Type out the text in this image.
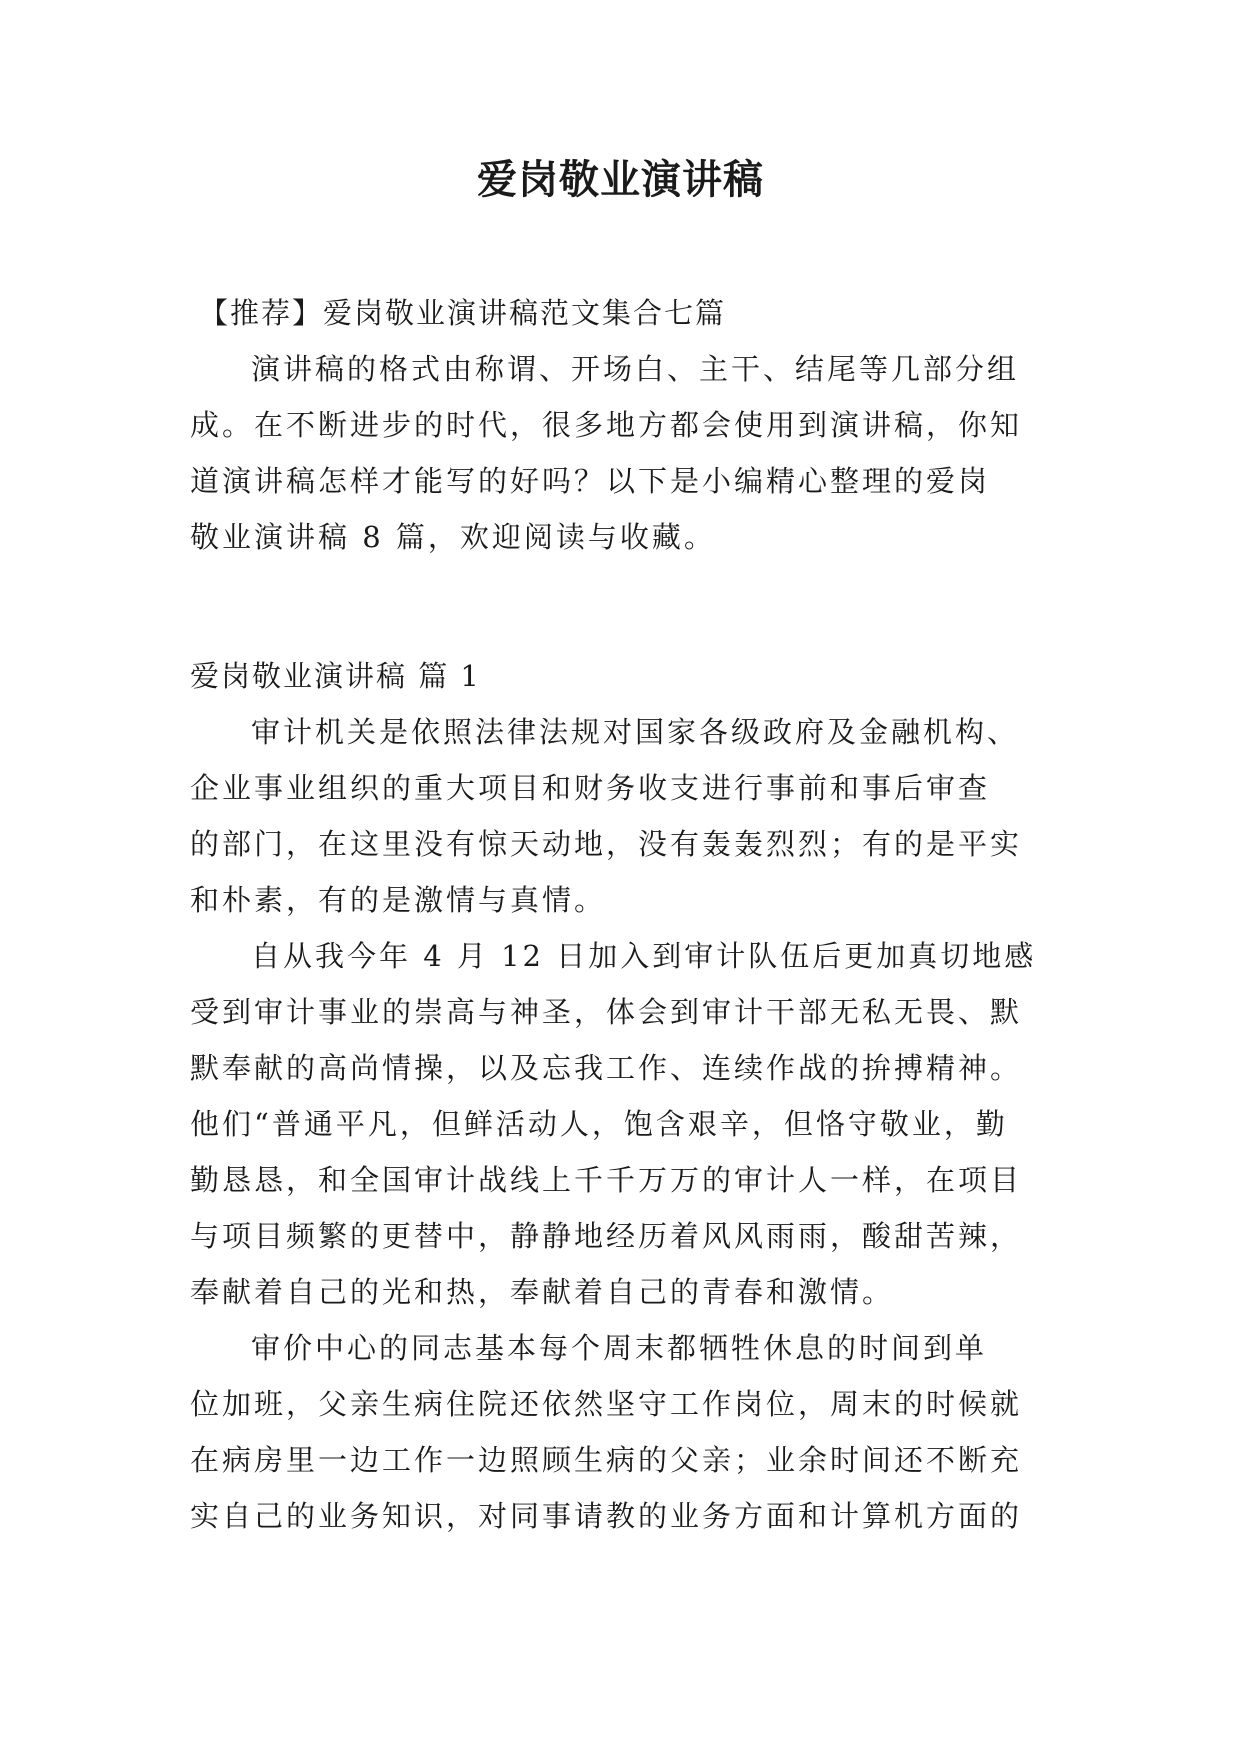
爱岗敬业演讲稿
【推荐】爱岗敬业演讲稿范文集合七篇
演讲稿的格式由称谓、开场白、主干、结尾等几部分组
成。在不断进步的时代，很多地方都会使用到演讲稿，你知
道演讲稿怎样才能写的好吗？以下是小编精心整理的爱岗
敬业演讲稿 8 篇，欢迎阅读与收藏。
爱岗敬业演讲稿 篇 1
审计机关是依照法律法规对国家各级政府及金融机构、
企业事业组织的重大项目和财务收支进行事前和事后审查
的部门，在这里没有惊天动地，没有轰轰烈烈；有的是平实
和朴素，有的是激情与真情。
自从我今年 4 月 12 日加入到审计队伍后更加真切地感
受到审计事业的崇高与神圣，体会到审计干部无私无畏、默
默奉献的高尚情操，以及忘我工作、连续作战的拚搏精神。
他们“普通平凡，但鲜活动人，饱含艰辛，但恪守敬业，勤
勤恳恳，和全国审计战线上千千万万的审计人一样，在项目
与项目频繁的更替中，静静地经历着风风雨雨，酸甜苦辣，
奉献着自己的光和热，奉献着自己的青春和激情。
审价中心的同志基本每个周末都牺牲休息的时间到单
位加班，父亲生病住院还依然坚守工作岗位，周末的时候就
在病房里一边工作一边照顾生病的父亲；业余时间还不断充
实自己的业务知识，对同事请教的业务方面和计算机方面的
